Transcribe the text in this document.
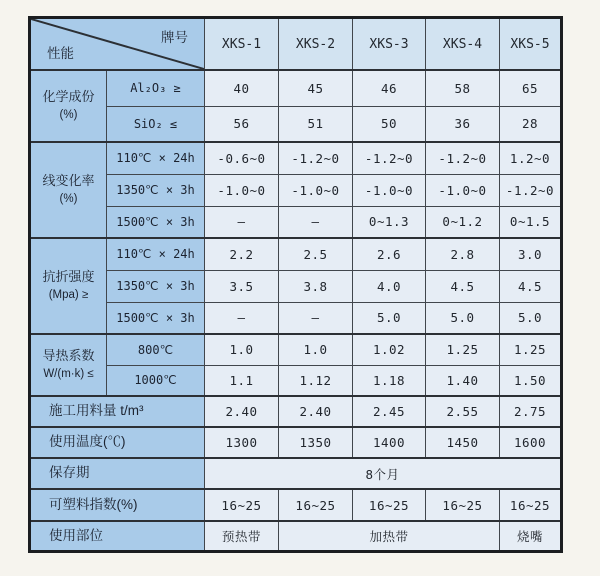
牌号
性能		XKS-1	XKS-2	XKS-3	XKS-4	XKS-5
化学成份
(%)	Al₂O₃ ≥	40	45	46	58	65
	SiO₂ ≤	56	51	50	36	28
线变化率
(%)	110℃ × 24h	-0.6~0	-1.2~0	-1.2~0	-1.2~0	1.2~0
	1350℃ × 3h	-1.0~0	-1.0~0	-1.0~0	-1.0~0	-1.2~0
	1500℃ × 3h	–	–	0~1.3	0~1.2	0~1.5
抗折强度
(Mpa) ≥	110℃ × 24h	2.2	2.5	2.6	2.8	3.0
	1350℃ × 3h	3.5	3.8	4.0	4.5	4.5
	1500℃ × 3h	–	–	5.0	5.0	5.0
导热系数
W/(m·k) ≤	800℃	1.0	1.0	1.02	1.25	1.25
	1000℃	1.1	1.12	1.18	1.40	1.50
施工用料量 t/m³		2.40	2.40	2.45	2.55	2.75
使用温度(℃)		1300	1350	1400	1450	1600
保存期		8个月				
可塑料指数(%)		16~25	16~25	16~25	16~25	16~25
使用部位		预热带	加热带			烧嘴
